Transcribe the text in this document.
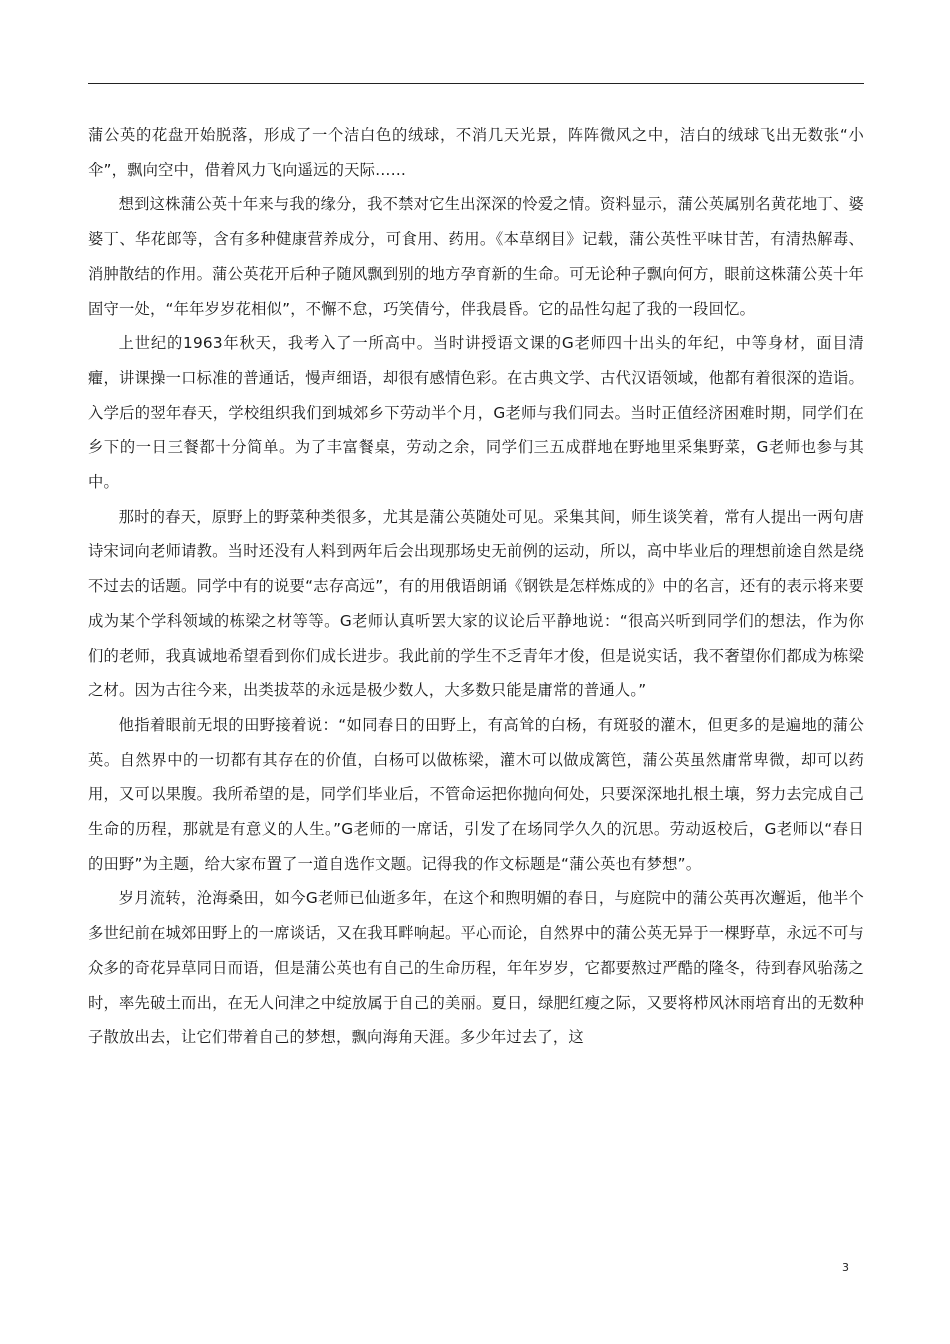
蒲公英的花盘开始脱落，形成了一个洁白色的绒球，不消几天光景，阵阵微风之中，洁白的绒球飞出无数张“小伞”，飘向空中，借着风力飞向遥远的天际……

想到这株蒲公英十年来与我的缘分，我不禁对它生出深深的怜爱之情。资料显示，蒲公英属别名黄花地丁、婆婆丁、华花郎等，含有多种健康营养成分，可食用、药用。《本草纲目》记载，蒲公英性平味甘苦，有清热解毒、消肿散结的作用。蒲公英花开后种子随风飘到别的地方孕育新的生命。可无论种子飘向何方，眼前这株蒲公英十年固守一处，“年年岁岁花相似”，不懈不怠，巧笑倩兮，伴我晨昏。它的品性勾起了我的一段回忆。

上世纪的1963年秋天，我考入了一所高中。当时讲授语文课的G老师四十出头的年纪，中等身材，面目清癯，讲课操一口标准的普通话，慢声细语，却很有感情色彩。在古典文学、古代汉语领域，他都有着很深的造诣。入学后的翌年春天，学校组织我们到城郊乡下劳动半个月，G老师与我们同去。当时正值经济困难时期，同学们在乡下的一日三餐都十分简单。为了丰富餐桌，劳动之余，同学们三五成群地在野地里采集野菜，G老师也参与其中。

那时的春天，原野上的野菜种类很多，尤其是蒲公英随处可见。采集其间，师生谈笑着，常有人提出一两句唐诗宋词向老师请教。当时还没有人料到两年后会出现那场史无前例的运动，所以，高中毕业后的理想前途自然是绕不过去的话题。同学中有的说要“志存高远”，有的用俄语朗诵《钢铁是怎样炼成的》中的名言，还有的表示将来要成为某个学科领域的栋梁之材等等。G老师认真听罢大家的议论后平静地说：“很高兴听到同学们的想法，作为你们的老师，我真诚地希望看到你们成长进步。我此前的学生不乏青年才俊，但是说实话，我不奢望你们都成为栋梁之材。因为古往今来，出类拔萃的永远是极少数人，大多数只能是庸常的普通人。”

他指着眼前无垠的田野接着说：“如同春日的田野上，有高耸的白杨，有斑驳的灌木，但更多的是遍地的蒲公英。自然界中的一切都有其存在的价值，白杨可以做栋梁，灌木可以做成篱笆，蒲公英虽然庸常卑微，却可以药用，又可以果腹。我所希望的是，同学们毕业后，不管命运把你抛向何处，只要深深地扎根土壤，努力去完成自己生命的历程，那就是有意义的人生。”G老师的一席话，引发了在场同学久久的沉思。劳动返校后，G老师以“春日的田野”为主题，给大家布置了一道自选作文题。记得我的作文标题是“蒲公英也有梦想”。

岁月流转，沧海桑田，如今G老师已仙逝多年，在这个和煦明媚的春日，与庭院中的蒲公英再次邂逅，他半个多世纪前在城郊田野上的一席谈话，又在我耳畔响起。平心而论，自然界中的蒲公英无异于一棵野草，永远不可与众多的奇花异草同日而语，但是蒲公英也有自己的生命历程，年年岁岁，它都要熬过严酷的隆冬，待到春风骀荡之时，率先破土而出，在无人问津之中绽放属于自己的美丽。夏日，绿肥红瘦之际，又要将栉风沐雨培育出的无数种子散放出去，让它们带着自己的梦想，飘向海角天涯。多少年过去了，这

3
